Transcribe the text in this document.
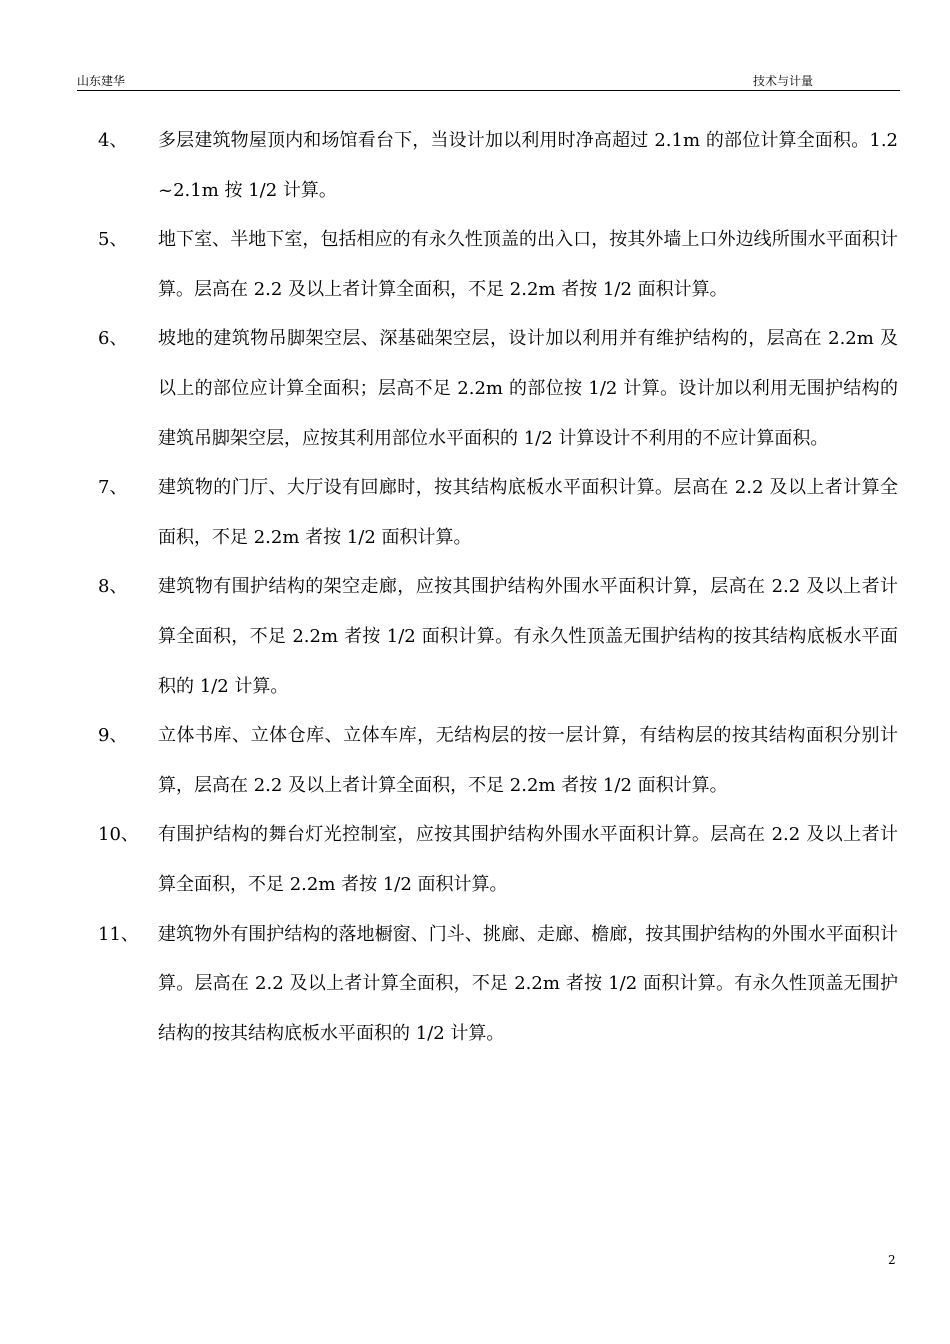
山东建华	技术与计量
4、 多层建筑物屋顶内和场馆看台下，当设计加以利用时净高超过 2.1m 的部位计算全面积。1.2~2.1m 按 1/2 计算。
5、 地下室、半地下室，包括相应的有永久性顶盖的出入口，按其外墙上口外边线所围水平面积计算。层高在 2.2 及以上者计算全面积，不足 2.2m 者按 1/2 面积计算。
6、 坡地的建筑物吊脚架空层、深基础架空层，设计加以利用并有维护结构的，层高在 2.2m 及以上的部位应计算全面积；层高不足 2.2m 的部位按 1/2 计算。设计加以利用无围护结构的建筑吊脚架空层，应按其利用部位水平面积的 1/2 计算设计不利用的不应计算面积。
7、 建筑物的门厅、大厅设有回廊时，按其结构底板水平面积计算。层高在 2.2 及以上者计算全面积，不足 2.2m 者按 1/2 面积计算。
8、 建筑物有围护结构的架空走廊，应按其围护结构外围水平面积计算，层高在 2.2 及以上者计算全面积，不足 2.2m 者按 1/2 面积计算。有永久性顶盖无围护结构的按其结构底板水平面积的 1/2 计算。
9、 立体书库、立体仓库、立体车库，无结构层的按一层计算，有结构层的按其结构面积分别计算，层高在 2.2 及以上者计算全面积，不足 2.2m 者按 1/2 面积计算。
10、 有围护结构的舞台灯光控制室，应按其围护结构外围水平面积计算。层高在 2.2 及以上者计算全面积，不足 2.2m 者按 1/2 面积计算。
11、 建筑物外有围护结构的落地橱窗、门斗、挑廊、走廊、檐廊，按其围护结构的外围水平面积计算。层高在 2.2 及以上者计算全面积，不足 2.2m 者按 1/2 面积计算。有永久性顶盖无围护结构的按其结构底板水平面积的 1/2 计算。
2
